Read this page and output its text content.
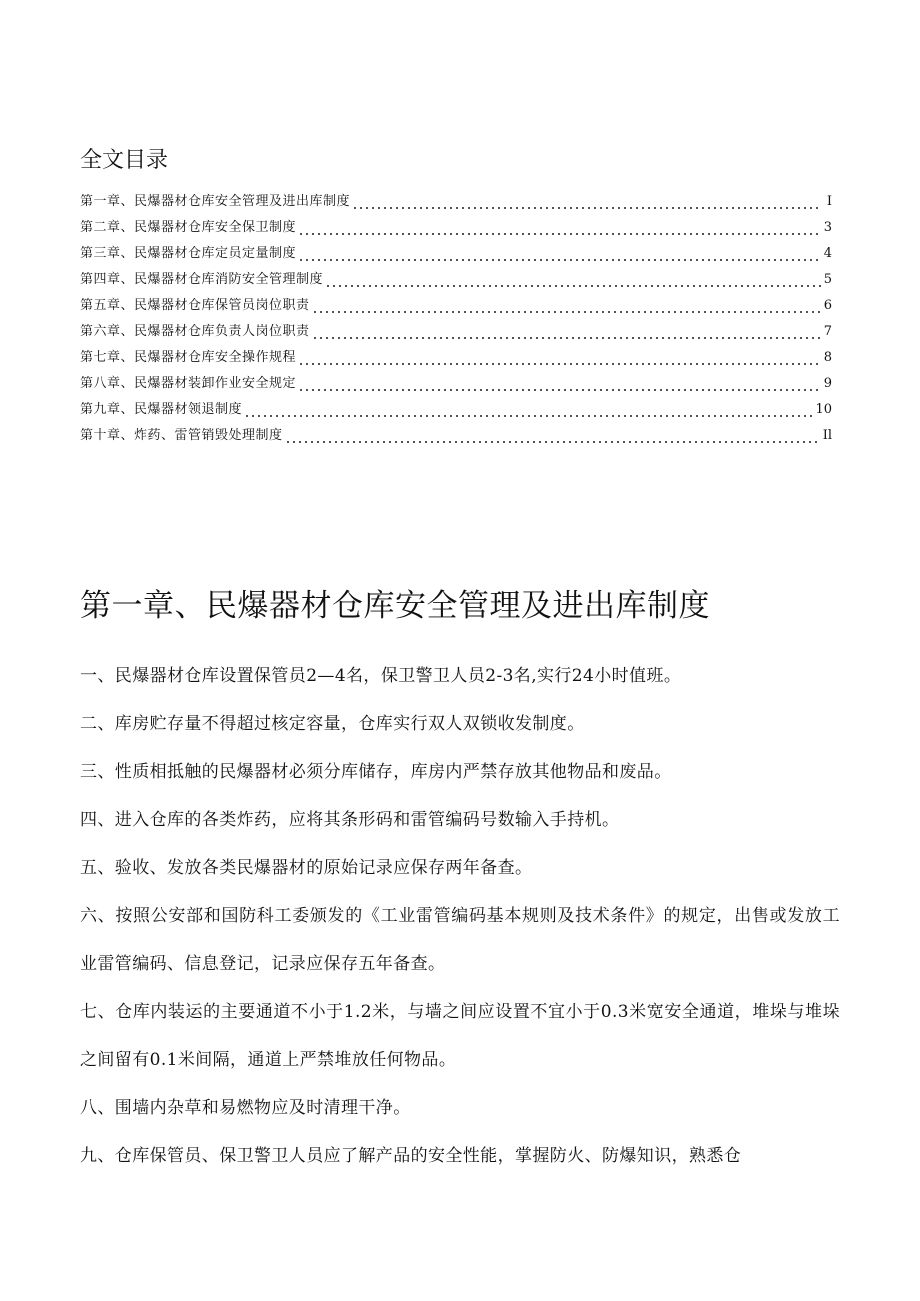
全文目录
第一章、民爆器材仓库安全管理及进出库制度	I
第二章、民爆器材仓库安全保卫制度	3
第三章、民爆器材仓库定员定量制度	4
第四章、民爆器材仓库消防安全管理制度	5
第五章、民爆器材仓库保管员岗位职责	6
第六章、民爆器材仓库负责人岗位职责	7
第七章、民爆器材仓库安全操作规程	8
第八章、民爆器材装卸作业安全规定	9
第九章、民爆器材领退制度	10
第十章、炸药、雷管销毁处理制度	Il
第一章、民爆器材仓库安全管理及进出库制度

一、民爆器材仓库设置保管员2—4名，保卫警卫人员2-3名,实行24小时值班。

二、库房贮存量不得超过核定容量，仓库实行双人双锁收发制度。

三、性质相抵触的民爆器材必须分库储存，库房内严禁存放其他物品和废品。

四、进入仓库的各类炸药，应将其条形码和雷管编码号数输入手持机。

五、验收、发放各类民爆器材的原始记录应保存两年备查。

六、按照公安部和国防科工委颁发的《工业雷管编码基本规则及技术条件》的规定，出售或发放工业雷管编码、信息登记，记录应保存五年备查。

七、仓库内装运的主要通道不小于1.2米，与墙之间应设置不宜小于0.3米宽安全通道，堆垛与堆垛之间留有0.1米间隔，通道上严禁堆放任何物品。

八、围墙内杂草和易燃物应及时清理干净。

九、仓库保管员、保卫警卫人员应了解产品的安全性能，掌握防火、防爆知识，熟悉仓
